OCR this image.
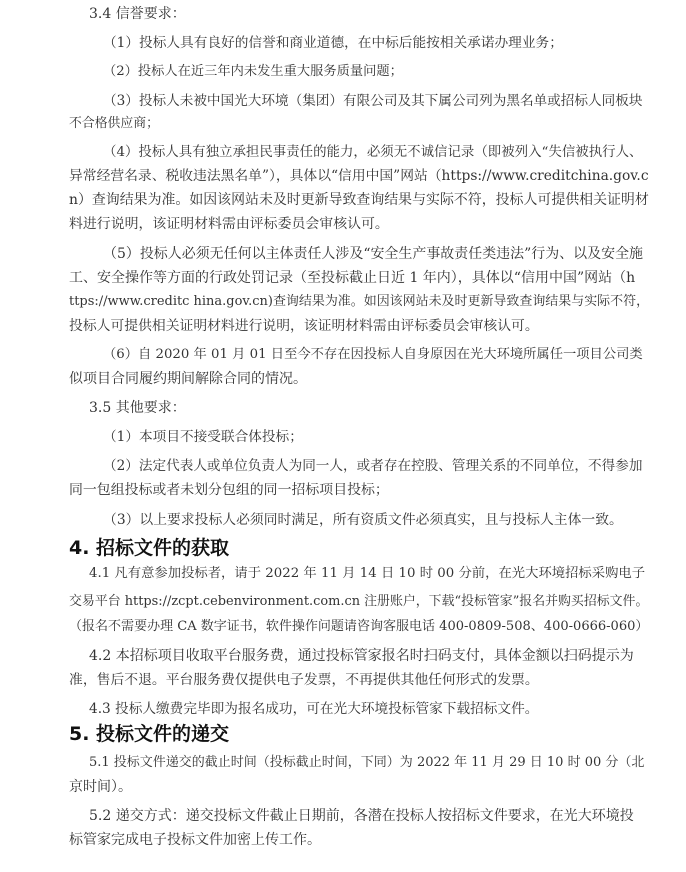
3.4 信誉要求：
（1）投标人具有良好的信誉和商业道德，在中标后能按相关承诺办理业务；
（2）投标人在近三年内未发生重大服务质量问题；
（3）投标人未被中国光大环境（集团）有限公司及其下属公司列为黑名单或招标人同板块
不合格供应商；
（4）投标人具有独立承担民事责任的能力，必须无不诚信记录（即被列入“失信被执行人、
异常经营名录、税收违法黑名单”），具体以“信用中国”网站（https://www.creditchina.gov.c
n）查询结果为准。如因该网站未及时更新导致查询结果与实际不符，投标人可提供相关证明材
料进行说明，该证明材料需由评标委员会审核认可。
（5）投标人必须无任何以主体责任人涉及“安全生产事故责任类违法”行为、以及安全施
工、安全操作等方面的行政处罚记录（至投标截止日近 1 年内），具体以“信用中国”网站（h
ttps://www.creditc hina.gov.cn)查询结果为准。如因该网站未及时更新导致查询结果与实际不符，
投标人可提供相关证明材料进行说明，该证明材料需由评标委员会审核认可。
（6）自 2020 年 01 月 01 日至今不存在因投标人自身原因在光大环境所属任一项目公司类
似项目合同履约期间解除合同的情况。
3.5 其他要求：
（1）本项目不接受联合体投标；
（2）法定代表人或单位负责人为同一人，或者存在控股、管理关系的不同单位，不得参加
同一包组投标或者未划分包组的同一招标项目投标；
（3）以上要求投标人必须同时满足，所有资质文件必须真实，且与投标人主体一致。
4. 招标文件的获取
4.1 凡有意参加投标者，请于 2022 年 11 月 14 日 10 时 00 分前，在光大环境招标采购电子
交易平台 https://zcpt.cebenvironment.com.cn 注册账户，下载“投标管家”报名并购买招标文件。
（报名不需要办理 CA 数字证书，软件操作问题请咨询客服电话 400-0809-508、400-0666-060）
4.2 本招标项目收取平台服务费，通过投标管家报名时扫码支付，具体金额以扫码提示为
准，售后不退。平台服务费仅提供电子发票，不再提供其他任何形式的发票。
4.3 投标人缴费完毕即为报名成功，可在光大环境投标管家下载招标文件。
5. 投标文件的递交
5.1 投标文件递交的截止时间（投标截止时间，下同）为 2022 年 11 月 29 日 10 时 00 分（北
京时间）。
5.2 递交方式：递交投标文件截止日期前，各潜在投标人按招标文件要求，在光大环境投
标管家完成电子投标文件加密上传工作。
